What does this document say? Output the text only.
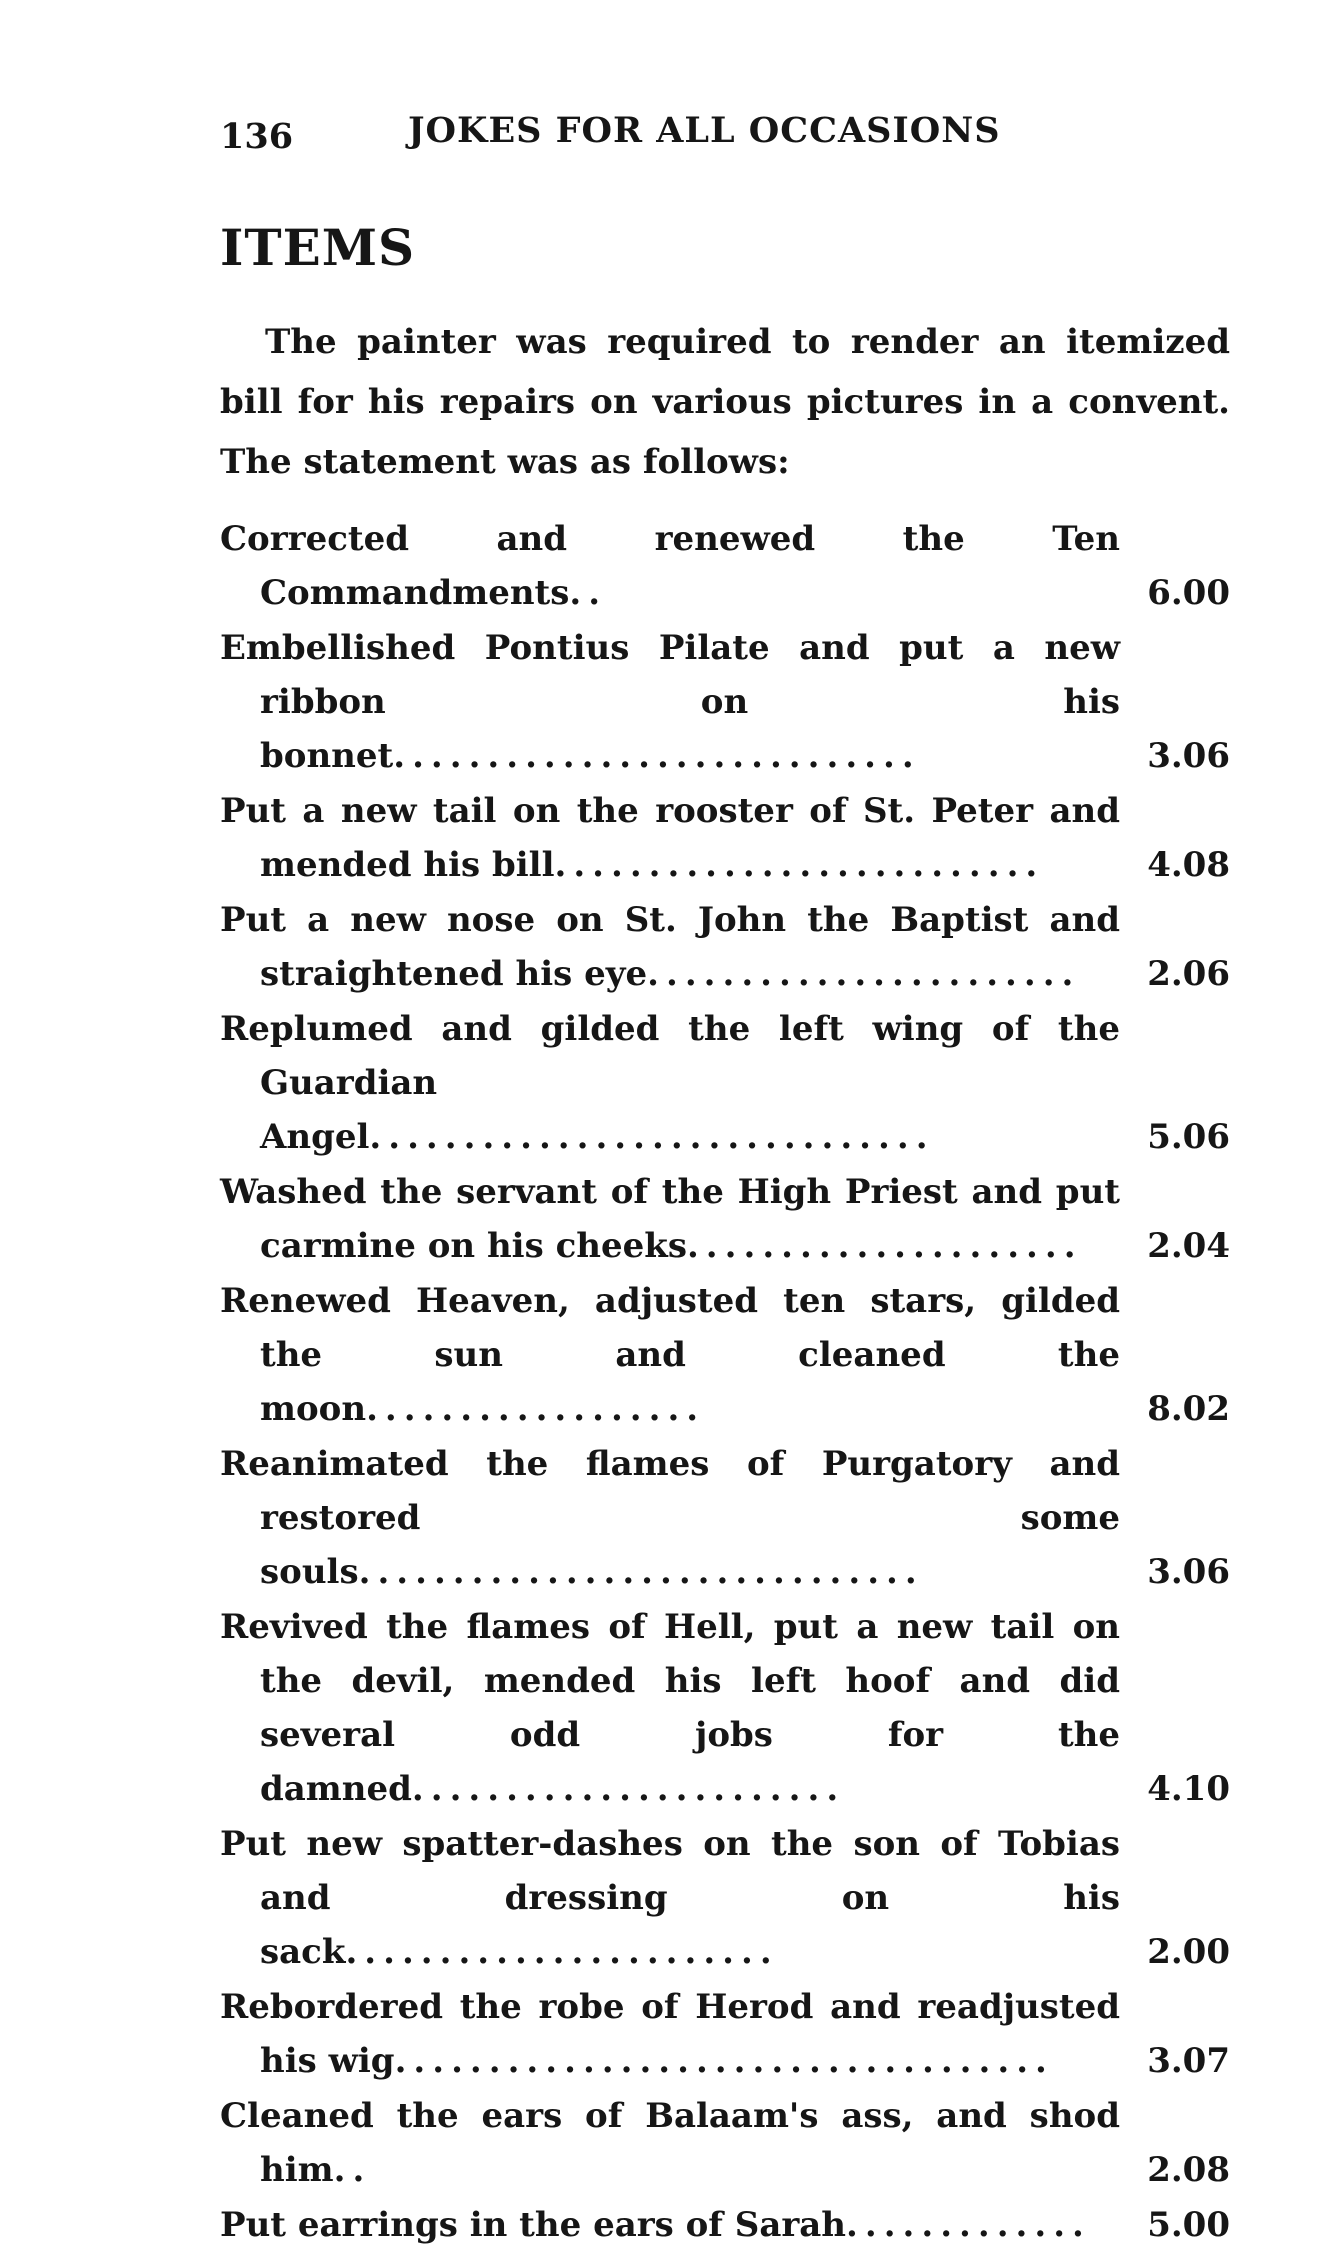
136	JOKES FOR ALL OCCASIONS
ITEMS

The painter was required to render an itemized bill for his repairs on various pictures in a convent. The statement was as follows:

Corrected and renewed the Ten Commandments..	6.00
Embellished Pontius Pilate and put a new ribbon on his bonnet............................	3.06
Put a new tail on the rooster of St. Peter and mended his bill..........................	4.08
Put a new nose on St. John the Baptist and straightened his eye.......................	2.06
Replumed and gilded the left wing of the Guardian Angel..............................	5.06
Washed the servant of the High Priest and put carmine on his cheeks.....................	2.04
Renewed Heaven, adjusted ten stars, gilded the sun and cleaned the moon..................	8.02
Reanimated the flames of Purgatory and restored some souls..............................	3.06
Revived the flames of Hell, put a new tail on the devil, mended his left hoof and did several odd jobs for the damned.......................	4.10
Put new spatter-dashes on the son of Tobias and dressing on his sack.......................	2.00
Rebordered the robe of Herod and readjusted his wig...................................	3.07
Cleaned the ears of Balaam's ass, and shod him..	2.08
Put earrings in the ears of Sarah.............	5.00
